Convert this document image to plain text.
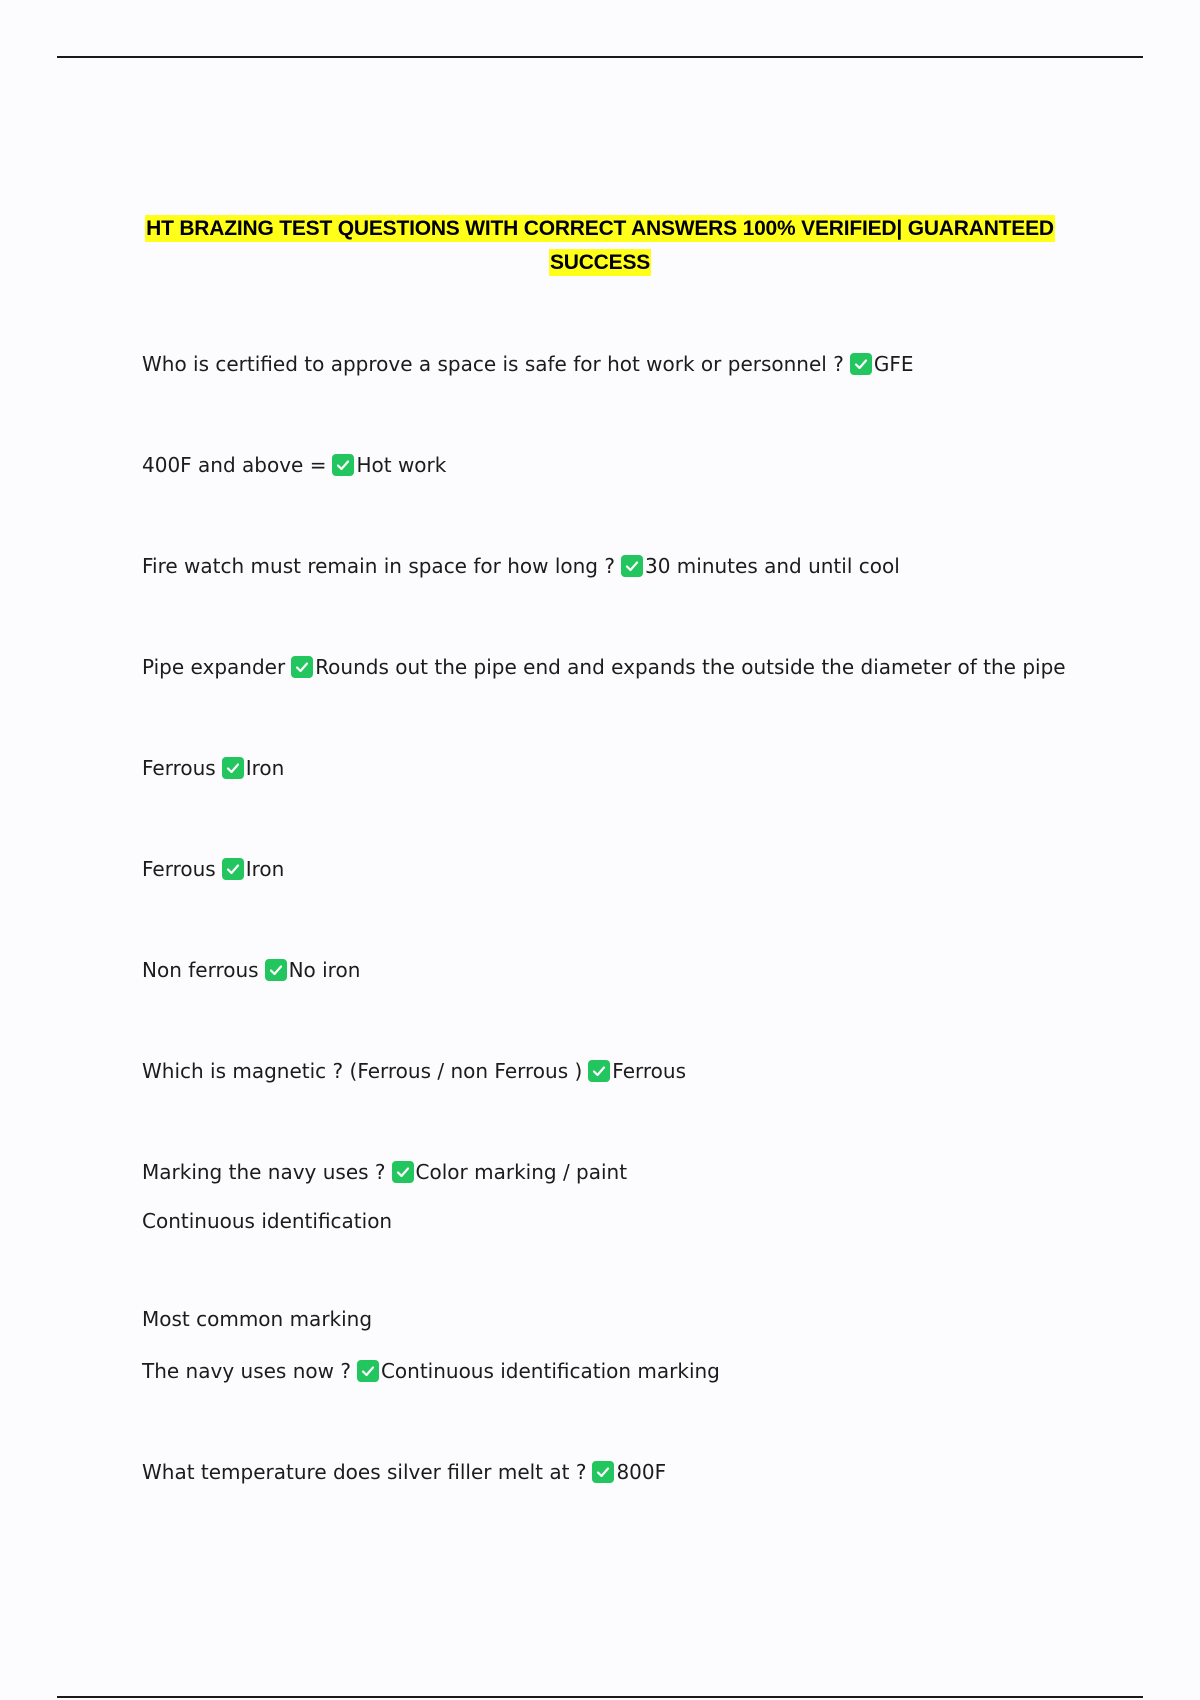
HT BRAZING TEST QUESTIONS WITH CORRECT ANSWERS 100% VERIFIED| GUARANTEED
SUCCESS
Who is certified to approve a space is safe for hot work or personnel ? GFE
400F and above = Hot work
Fire watch must remain in space for how long ? 30 minutes and until cool
Pipe expander Rounds out the pipe end and expands the outside the diameter of the pipe
Ferrous Iron
Ferrous Iron
Non ferrous No iron
Which is magnetic ? (Ferrous / non Ferrous ) Ferrous
Marking the navy uses ? Color marking / paint
Continuous identification
Most common marking
The navy uses now ? Continuous identification marking
What temperature does silver filler melt at ? 800F
